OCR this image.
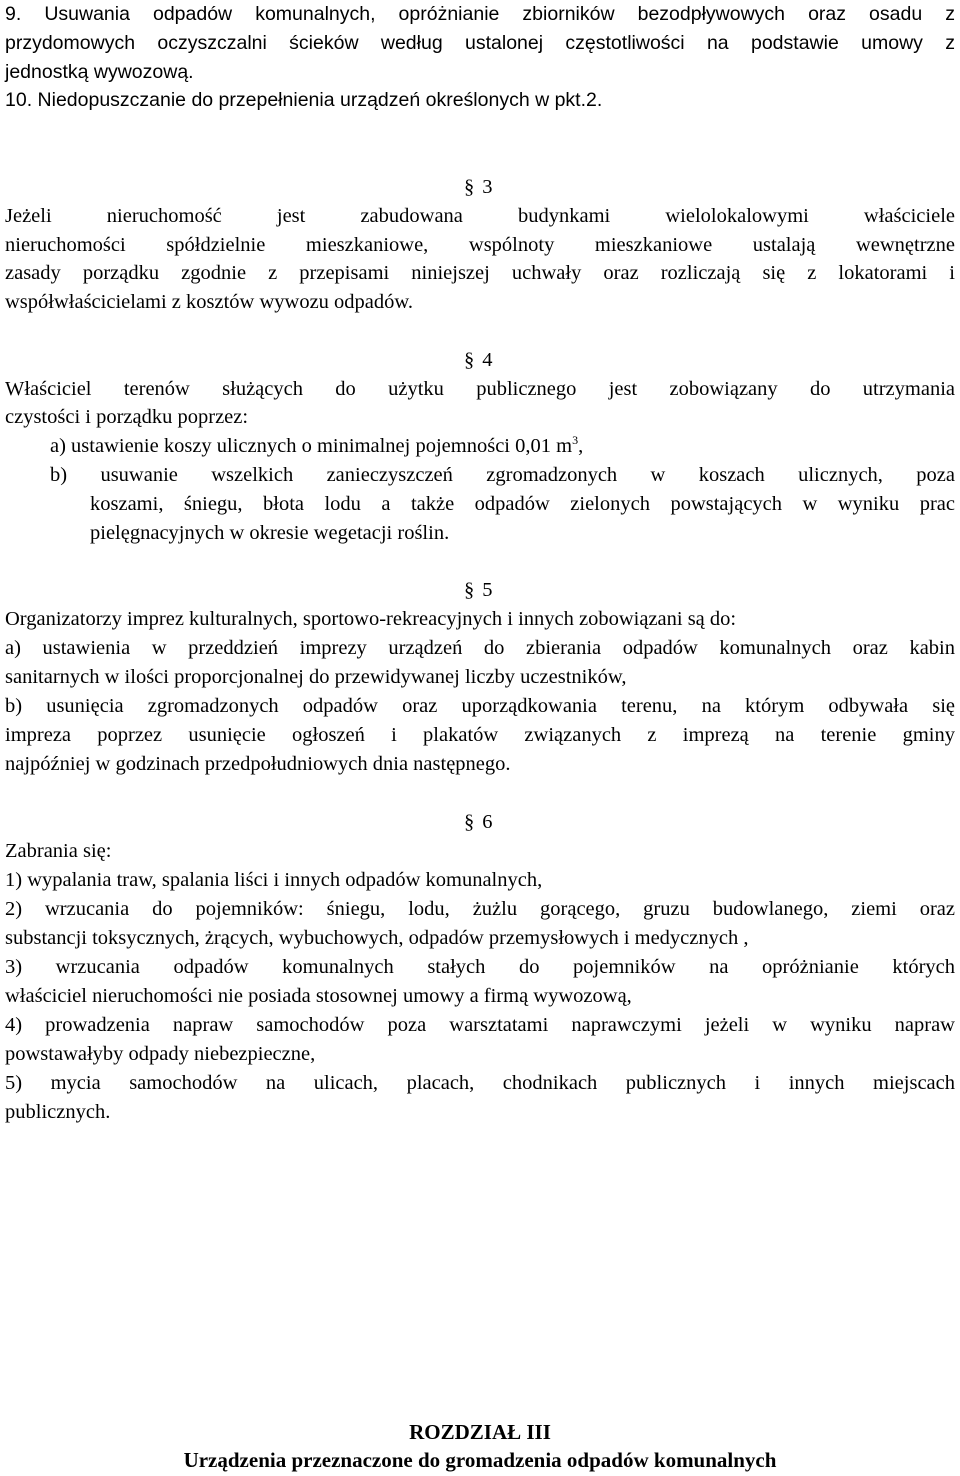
9. Usuwania odpadów komunalnych, opróżnianie zbiorników bezodpływowych oraz osadu z
przydomowych oczyszczalni ścieków według ustalonej częstotliwości na podstawie umowy z
jednostką wywozową.
10. Niedopuszczanie do przepełnienia urządzeń określonych w pkt.2.
§ 3
Jeżeli nieruchomość jest zabudowana budynkami wielolokalowymi właściciele
nieruchomości spółdzielnie mieszkaniowe, wspólnoty mieszkaniowe ustalają wewnętrzne
zasady porządku zgodnie z przepisami niniejszej uchwały oraz rozliczają się z lokatorami i
współwłaścicielami z kosztów wywozu odpadów.
§ 4
Właściciel terenów służących do użytku publicznego jest zobowiązany do utrzymania
czystości i porządku poprzez:
a) ustawienie koszy ulicznych o minimalnej pojemności 0,01 $m^3$,
b) usuwanie wszelkich zanieczyszczeń zgromadzonych w koszach ulicznych, poza
koszami, śniegu, błota lodu a także odpadów zielonych powstających w wyniku prac
pielęgnacyjnych w okresie wegetacji roślin.
§ 5
Organizatorzy imprez kulturalnych, sportowo-rekreacyjnych i innych zobowiązani są do:
a) ustawienia w przeddzień imprezy urządzeń do zbierania odpadów komunalnych oraz kabin
sanitarnych w ilości proporcjonalnej do przewidywanej liczby uczestników,
b) usunięcia zgromadzonych odpadów oraz uporządkowania terenu, na którym odbywała się
impreza poprzez usunięcie ogłoszeń i plakatów związanych z imprezą na terenie gminy
najpóźniej w godzinach przedpołudniowych dnia następnego.
§ 6
Zabrania się:
1) wypalania traw, spalania liści i innych odpadów komunalnych,
2) wrzucania do pojemników: śniegu, lodu, żużlu gorącego, gruzu budowlanego, ziemi oraz
substancji toksycznych, żrących, wybuchowych, odpadów przemysłowych i medycznych ,
3) wrzucania odpadów komunalnych stałych do pojemników na opróżnianie których
właściciel nieruchomości nie posiada stosownej umowy a firmą wywozową,
4) prowadzenia napraw samochodów poza warsztatami naprawczymi jeżeli w wyniku napraw
powstawałyby odpady niebezpieczne,
5) mycia samochodów na ulicach, placach, chodnikach publicznych i innych miejscach
publicznych.
ROZDZIAŁ III
Urządzenia przeznaczone do gromadzenia odpadów komunalnych
